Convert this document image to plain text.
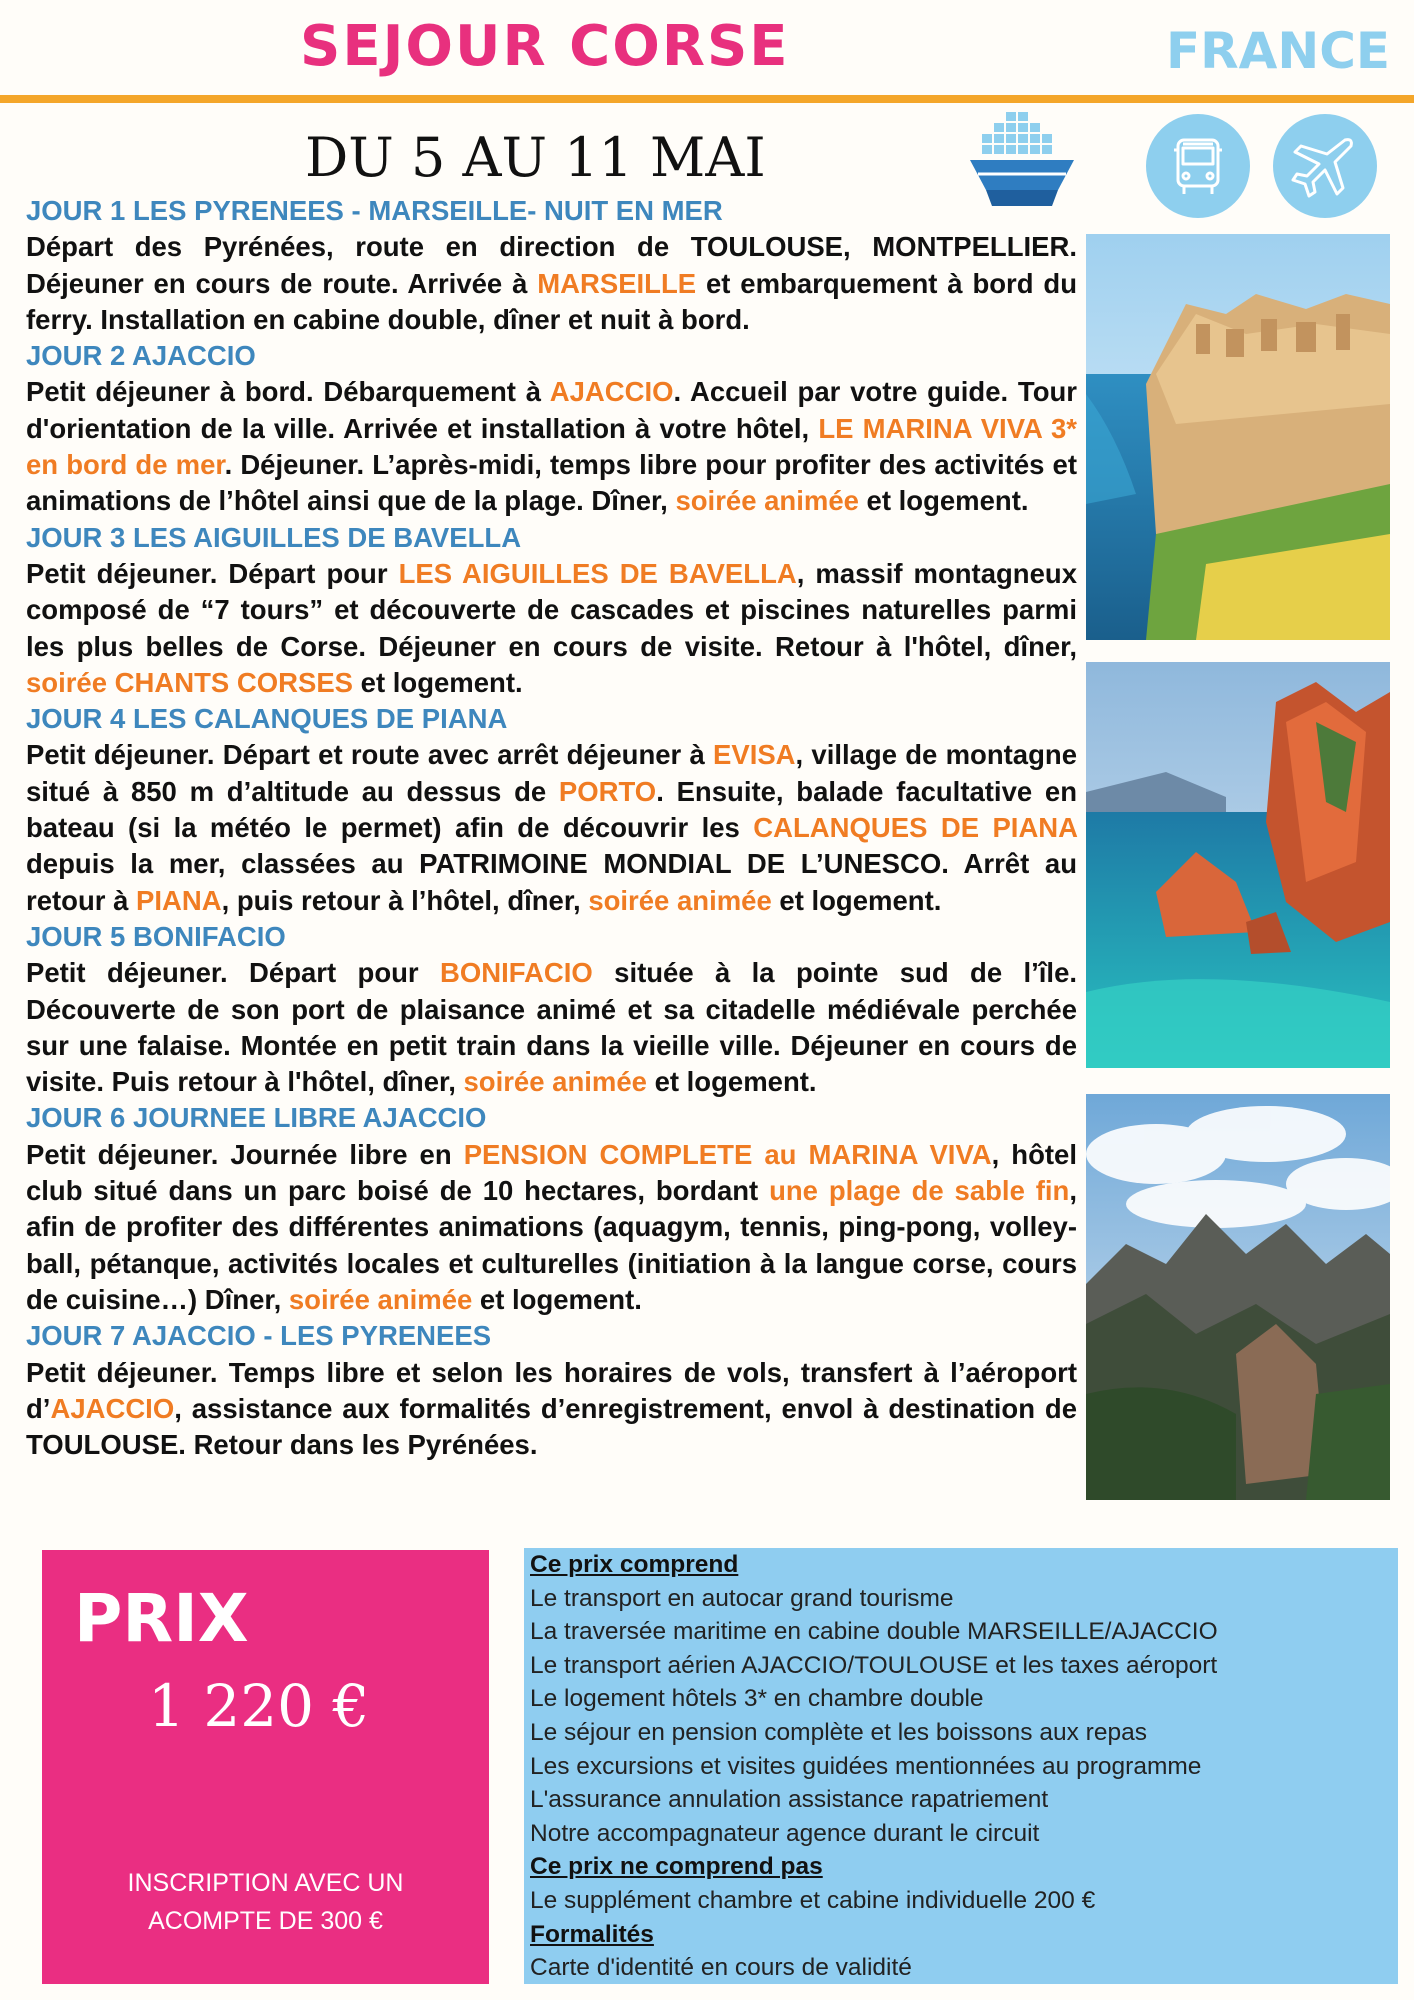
SEJOUR CORSE	FRANCE
DU 5 AU 11 MAI
JOUR 1 LES PYRENEES - MARSEILLE- NUIT EN MER

Départ des Pyrénées, route en direction de TOULOUSE, MONTPELLIER. Déjeuner en cours de route. Arrivée à MARSEILLE et embarquement à bord du ferry. Installation en cabine double, dîner et nuit à bord.

JOUR 2 AJACCIO

Petit déjeuner à bord. Débarquement à AJACCIO. Accueil par votre guide. Tour d'orientation de la ville. Arrivée et installation à votre hôtel, LE MARINA VIVA 3* en bord de mer. Déjeuner. L’après-midi, temps libre pour profiter des activités et animations de l’hôtel ainsi que de la plage. Dîner, soirée animée et logement.

JOUR 3 LES AIGUILLES DE BAVELLA

Petit déjeuner. Départ pour LES AIGUILLES DE BAVELLA, massif montagneux composé de “7 tours” et découverte de cascades et piscines naturelles parmi les plus belles de Corse. Déjeuner en cours de visite. Retour à l'hôtel, dîner, soirée CHANTS CORSES et logement.

JOUR 4 LES CALANQUES DE PIANA

Petit déjeuner. Départ et route avec arrêt déjeuner à EVISA, village de montagne situé à 850 m d’altitude au dessus de PORTO. Ensuite, balade facultative en bateau (si la météo le permet) afin de découvrir les CALANQUES DE PIANA depuis la mer, classées au PATRIMOINE MONDIAL DE L’UNESCO. Arrêt au retour à PIANA, puis retour à l’hôtel, dîner, soirée animée et logement.

JOUR 5 BONIFACIO

Petit déjeuner. Départ pour BONIFACIO située à la pointe sud de l’île. Découverte de son port de plaisance animé et sa citadelle médiévale perchée sur une falaise. Montée en petit train dans la vieille ville. Déjeuner en cours de visite. Puis retour à l'hôtel, dîner, soirée animée et logement.

JOUR 6 JOURNEE LIBRE AJACCIO

Petit déjeuner. Journée libre en PENSION COMPLETE au MARINA VIVA, hôtel club situé dans un parc boisé de 10 hectares, bordant une plage de sable fin, afin de profiter des différentes animations (aquagym, tennis, ping-pong, volley-ball, pétanque, activités locales et culturelles (initiation à la langue corse, cours de cuisine…) Dîner, soirée animée et logement.

JOUR 7 AJACCIO - LES PYRENEES

Petit déjeuner. Temps libre et selon les horaires de vols, transfert à l’aéroport d’AJACCIO, assistance aux formalités d’enregistrement, envol à destination de TOULOUSE. Retour dans les Pyrénées.

PRIX
1 220 €
INSCRIPTION AVEC UN
ACOMPTE DE 300 €
Ce prix comprend
Le transport en autocar grand tourisme
La traversée maritime en cabine double MARSEILLE/AJACCIO
Le transport aérien AJACCIO/TOULOUSE et les taxes aéroport
Le logement hôtels 3* en chambre double
Le séjour en pension complète et les boissons aux repas
Les excursions et visites guidées mentionnées au programme
L'assurance annulation assistance rapatriement
Notre accompagnateur agence durant le circuit
Ce prix ne comprend pas
Le supplément chambre et cabine individuelle 200 €
Formalités
Carte d'identité en cours de validité
